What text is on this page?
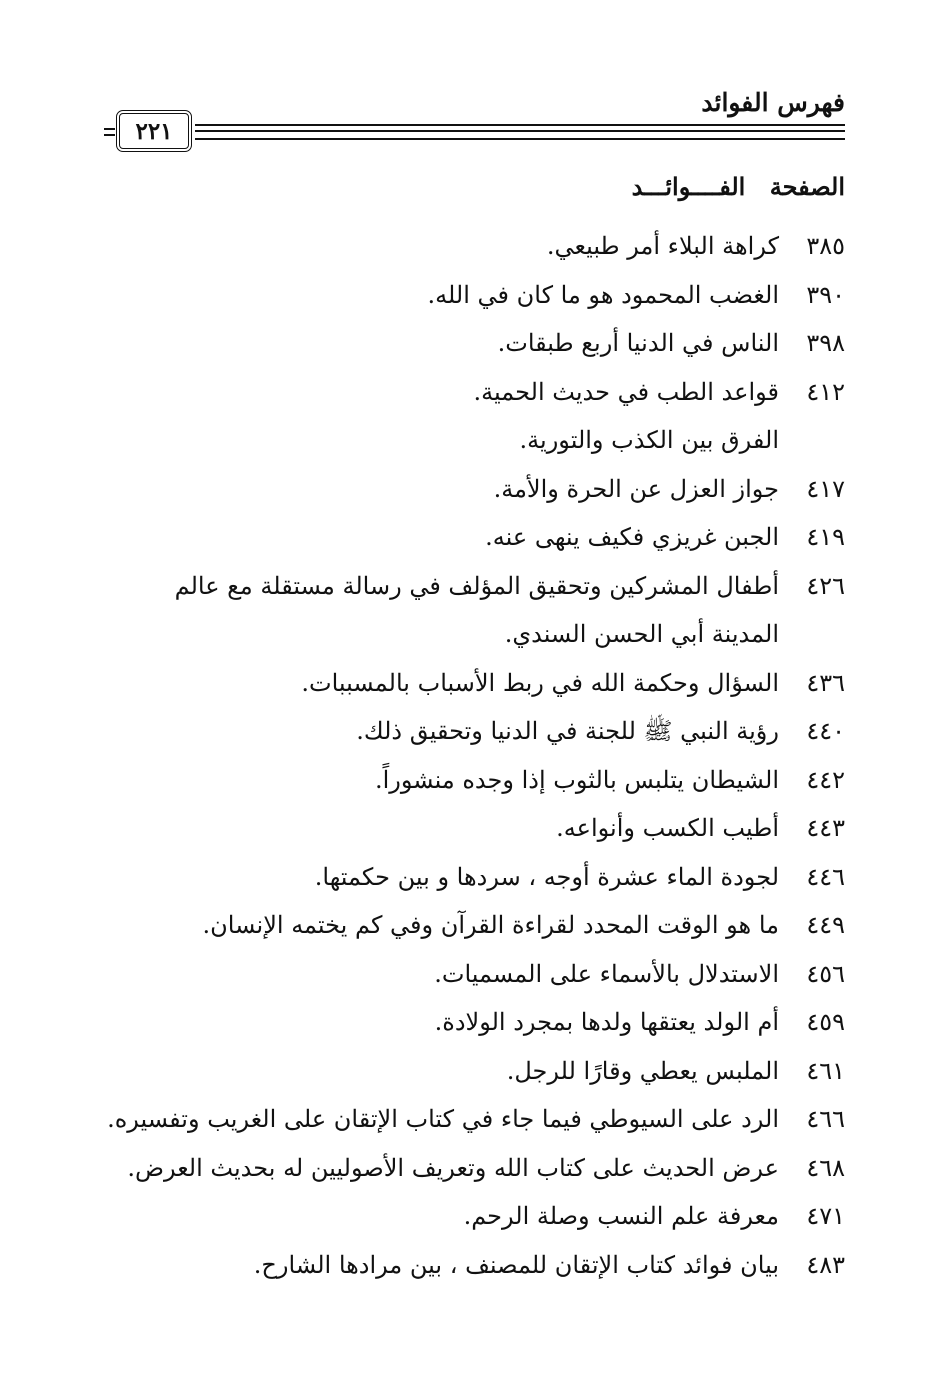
فهرس الفوائد
٢٢١
الصفحة الفــــوائـــد
٣٨٥
كراهة البلاء أمر طبيعي.
٣٩٠
الغضب المحمود هو ما كان في الله.
٣٩٨
الناس في الدنيا أربع طبقات.
٤١٢
قواعد الطب في حديث الحمية.
الفرق بين الكذب والتورية.
٤١٧
جواز العزل عن الحرة والأمة.
٤١٩
الجبن غريزي فكيف ينهى عنه.
٤٢٦
أطفال المشركين وتحقيق المؤلف في رسالة مستقلة مع عالم المدينة أبي الحسن السندي.
٤٣٦
السؤال وحكمة الله في ربط الأسباب بالمسببات.
٤٤٠
رؤية النبي ﷺ للجنة في الدنيا وتحقيق ذلك.
٤٤٢
الشيطان يتلبس بالثوب إذا وجده منشوراً.
٤٤٣
أطيب الكسب وأنواعه.
٤٤٦
لجودة الماء عشرة أوجه ، سردها و بين حكمتها.
٤٤٩
ما هو الوقت المحدد لقراءة القرآن وفي كم يختمه الإنسان.
٤٥٦
الاستدلال بالأسماء على المسميات.
٤٥٩
أم الولد يعتقها ولدها بمجرد الولادة.
٤٦١
الملبس يعطي وقارًا للرجل.
٤٦٦
الرد على السيوطي فيما جاء في كتاب الإتقان على الغريب وتفسيره.
٤٦٨
عرض الحديث على كتاب الله وتعريف الأصوليين له بحديث العرض.
٤٧١
معرفة علم النسب وصلة الرحم.
٤٨٣
بيان فوائد كتاب الإتقان للمصنف ، بين مرادها الشارح.
